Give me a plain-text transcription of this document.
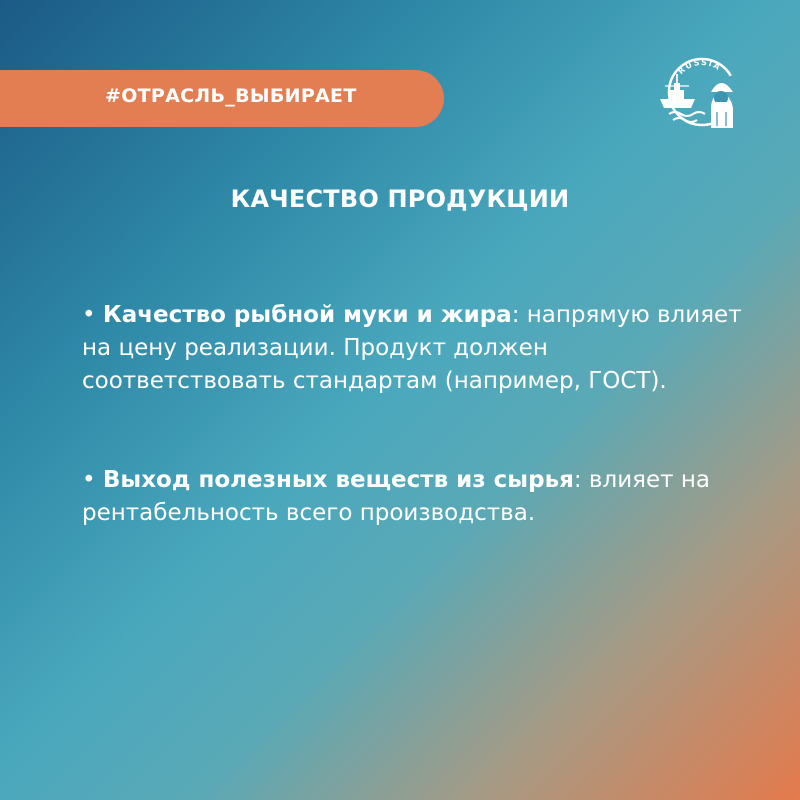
#ОТРАСЛЬ_ВЫБИРАЕТ
RUSSIA
КАЧЕСТВО ПРОДУКЦИИ
• Качество рыбной муки и жира: напрямую влияет на цену реализации. Продукт должен соответствовать стандартам (например, ГОСТ).
• Выход полезных веществ из сырья: влияет на рентабельность всего производства.
